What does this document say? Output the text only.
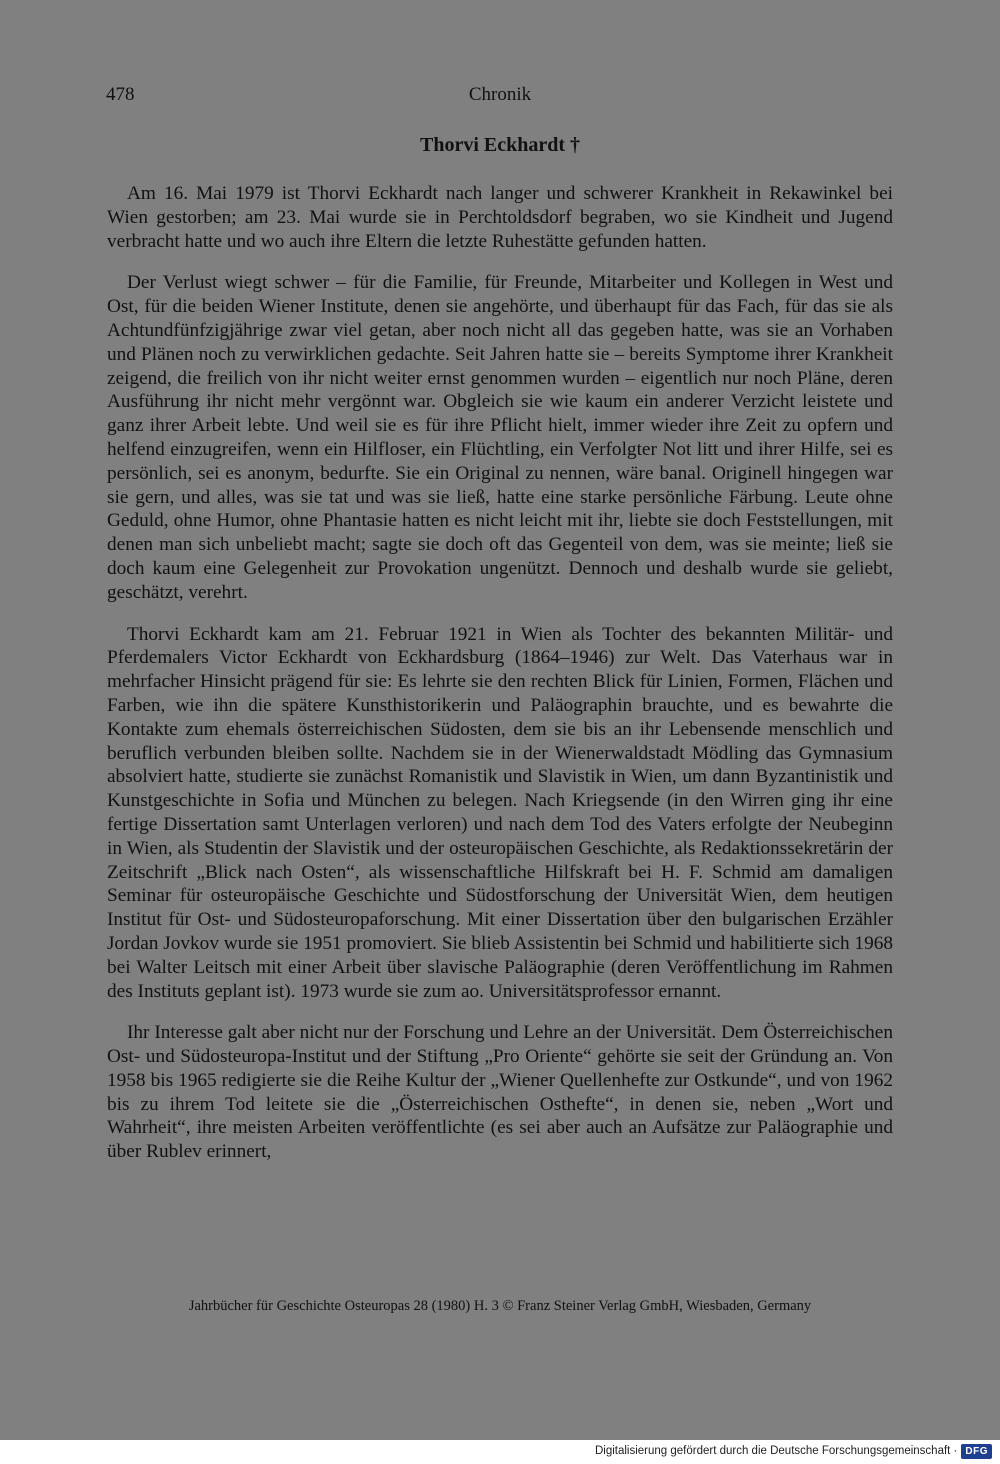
478	Chronik
Thorvi Eckhardt †

Am 16. Mai 1979 ist Thorvi Eckhardt nach langer und schwerer Krankheit in Rekawinkel bei Wien gestorben; am 23. Mai wurde sie in Perchtoldsdorf begraben, wo sie Kindheit und Jugend verbracht hatte und wo auch ihre Eltern die letzte Ruhestätte gefunden hatten.

Der Verlust wiegt schwer – für die Familie, für Freunde, Mitarbeiter und Kollegen in West und Ost, für die beiden Wiener Institute, denen sie angehörte, und überhaupt für das Fach, für das sie als Achtundfünfzigjährige zwar viel getan, aber noch nicht all das gegeben hatte, was sie an Vorhaben und Plänen noch zu verwirklichen gedachte. Seit Jahren hatte sie – bereits Symptome ihrer Krankheit zeigend, die freilich von ihr nicht weiter ernst genommen wurden – eigentlich nur noch Pläne, deren Ausführung ihr nicht mehr vergönnt war. Obgleich sie wie kaum ein anderer Verzicht leistete und ganz ihrer Arbeit lebte. Und weil sie es für ihre Pflicht hielt, immer wieder ihre Zeit zu opfern und helfend einzugreifen, wenn ein Hilfloser, ein Flüchtling, ein Verfolgter Not litt und ihrer Hilfe, sei es persönlich, sei es anonym, bedurfte. Sie ein Original zu nennen, wäre banal. Originell hingegen war sie gern, und alles, was sie tat und was sie ließ, hatte eine starke persönliche Färbung. Leute ohne Geduld, ohne Humor, ohne Phantasie hatten es nicht leicht mit ihr, liebte sie doch Feststellungen, mit denen man sich unbeliebt macht; sagte sie doch oft das Gegenteil von dem, was sie meinte; ließ sie doch kaum eine Gelegenheit zur Provokation ungenützt. Dennoch und deshalb wurde sie geliebt, geschätzt, verehrt.

Thorvi Eckhardt kam am 21. Februar 1921 in Wien als Tochter des bekannten Militär- und Pferdemalers Victor Eckhardt von Eckhardsburg (1864–1946) zur Welt. Das Vaterhaus war in mehrfacher Hinsicht prägend für sie: Es lehrte sie den rechten Blick für Linien, Formen, Flächen und Farben, wie ihn die spätere Kunsthistorikerin und Paläographin brauchte, und es bewahrte die Kontakte zum ehemals österreichischen Südosten, dem sie bis an ihr Lebensende menschlich und beruflich verbunden bleiben sollte. Nachdem sie in der Wienerwaldstadt Mödling das Gymnasium absolviert hatte, studierte sie zunächst Romanistik und Slavistik in Wien, um dann Byzantinistik und Kunstgeschichte in Sofia und München zu belegen. Nach Kriegsende (in den Wirren ging ihr eine fertige Dissertation samt Unterlagen verloren) und nach dem Tod des Vaters erfolgte der Neubeginn in Wien, als Studentin der Slavistik und der osteuropäischen Geschichte, als Redaktionssekretärin der Zeitschrift „Blick nach Osten“, als wissenschaftliche Hilfskraft bei H. F. Schmid am damaligen Seminar für osteuropäische Geschichte und Südostforschung der Universität Wien, dem heutigen Institut für Ost- und Südosteuropaforschung. Mit einer Dissertation über den bulgarischen Erzähler Jordan Jovkov wurde sie 1951 promoviert. Sie blieb Assistentin bei Schmid und habilitierte sich 1968 bei Walter Leitsch mit einer Arbeit über slavische Paläographie (deren Veröffentlichung im Rahmen des Instituts geplant ist). 1973 wurde sie zum ao. Universitätsprofessor ernannt.

Ihr Interesse galt aber nicht nur der Forschung und Lehre an der Universität. Dem Österreichischen Ost- und Südosteuropa-Institut und der Stiftung „Pro Oriente“ gehörte sie seit der Gründung an. Von 1958 bis 1965 redigierte sie die Reihe Kultur der „Wiener Quellenhefte zur Ostkunde“, und von 1962 bis zu ihrem Tod leitete sie die „Österreichischen Osthefte“, in denen sie, neben „Wort und Wahrheit“, ihre meisten Arbeiten veröffentlichte (es sei aber auch an Aufsätze zur Paläographie und über Rublev erinnert,

Jahrbücher für Geschichte Osteuropas 28 (1980) H. 3 © Franz Steiner Verlag GmbH, Wiesbaden, Germany
Digitalisierung gefördert durch die Deutsche Forschungsgemeinschaft · DFG
